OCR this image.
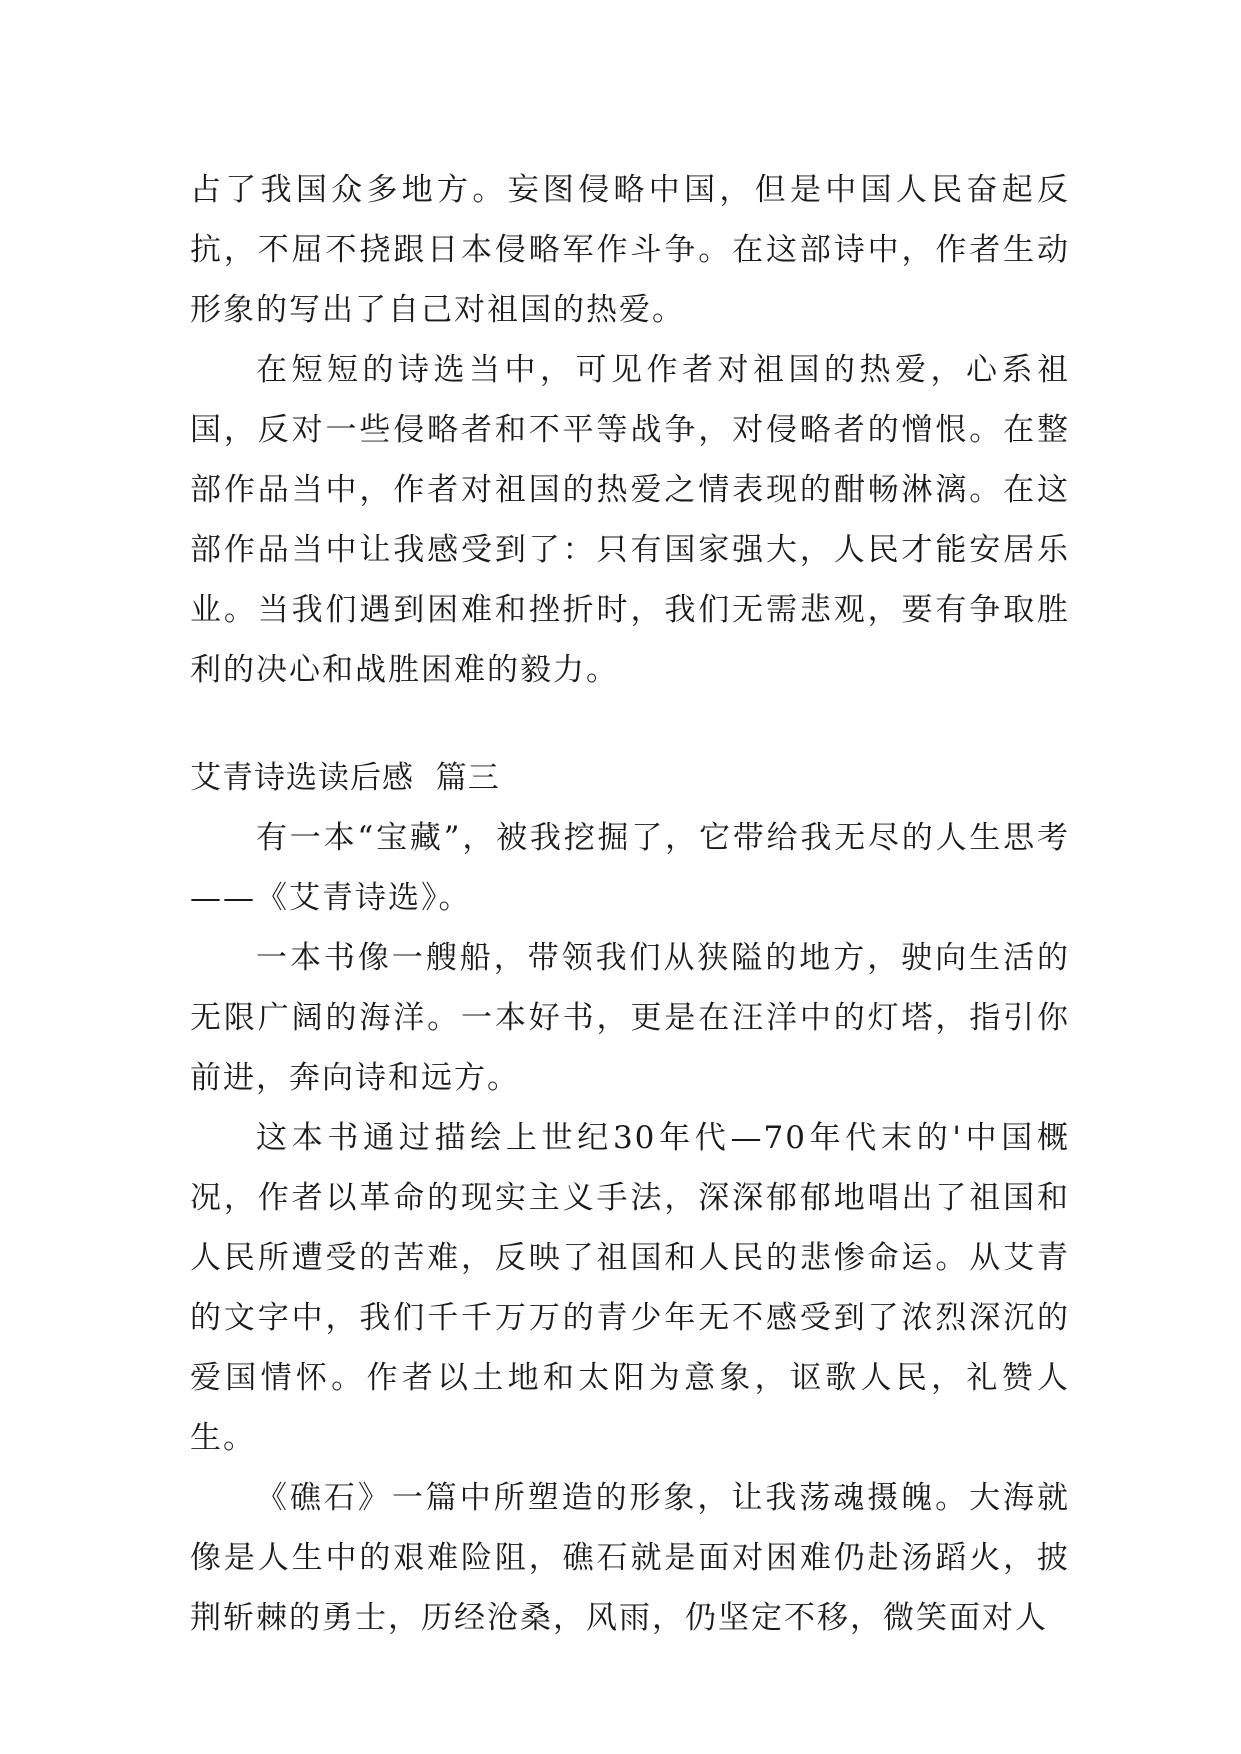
占了我国众多地方。妄图侵略中国，但是中国人民奋起反抗，不屈不挠跟日本侵略军作斗争。在这部诗中，作者生动形象的写出了自己对祖国的热爱。

在短短的诗选当中，可见作者对祖国的热爱，心系祖国，反对一些侵略者和不平等战争，对侵略者的憎恨。在整部作品当中，作者对祖国的热爱之情表现的酣畅淋漓。在这部作品当中让我感受到了：只有国家强大，人民才能安居乐业。当我们遇到困难和挫折时，我们无需悲观，要有争取胜利的决心和战胜困难的毅力。

艾青诗选读后感  篇三

有一本“宝藏”，被我挖掘了，它带给我无尽的人生思考——《艾青诗选》。

一本书像一艘船，带领我们从狭隘的地方，驶向生活的无限广阔的海洋。一本好书，更是在汪洋中的灯塔，指引你前进，奔向诗和远方。

这本书通过描绘上世纪30年代—70年代末的'中国概况，作者以革命的现实主义手法，深深郁郁地唱出了祖国和人民所遭受的苦难，反映了祖国和人民的悲惨命运。从艾青的文字中，我们千千万万的青少年无不感受到了浓烈深沉的爱国情怀。作者以土地和太阳为意象，讴歌人民，礼赞人生。

《礁石》一篇中所塑造的形象，让我荡魂摄魄。大海就像是人生中的艰难险阻，礁石就是面对困难仍赴汤蹈火，披荆斩棘的勇士，历经沧桑，风雨，仍坚定不移，微笑面对人
